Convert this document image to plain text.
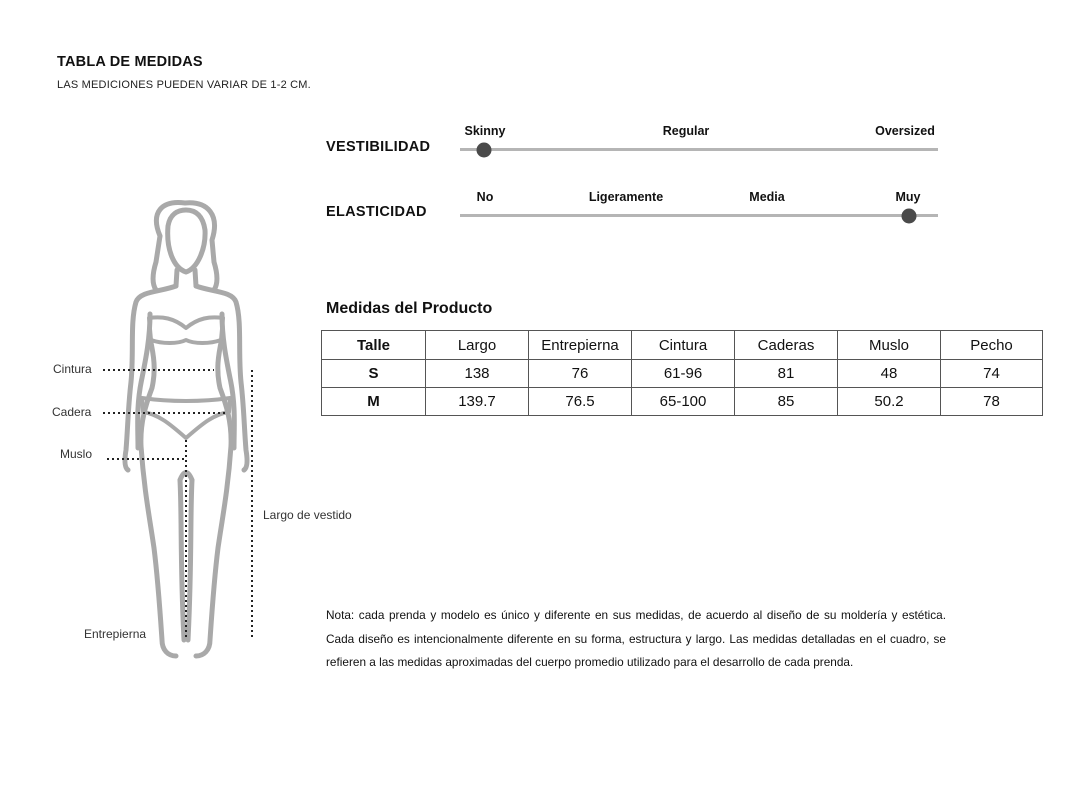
TABLA DE MEDIDAS
LAS MEDICIONES PUEDEN VARIAR DE 1-2 CM.
VESTIBILIDAD
Skinny	Regular	Oversized
ELASTICIDAD
No	Ligeramente	Media	Muy
Medidas del Producto
Talle	Largo	Entrepierna	Cintura	Caderas	Muslo	Pecho
S	138	76	61-96	81	48	74
M	139.7	76.5	65-100	85	50.2	78
Cintura
Cadera
Muslo
Entrepierna
Largo de vestido
Nota: cada prenda y modelo es único y diferente en sus medidas, de acuerdo al diseño de su moldería y estética. Cada diseño es intencionalmente diferente en su forma, estructura y largo. Las medidas detalladas en el cuadro, se refieren a las medidas aproximadas del cuerpo promedio utilizado para el desarrollo de cada prenda.
